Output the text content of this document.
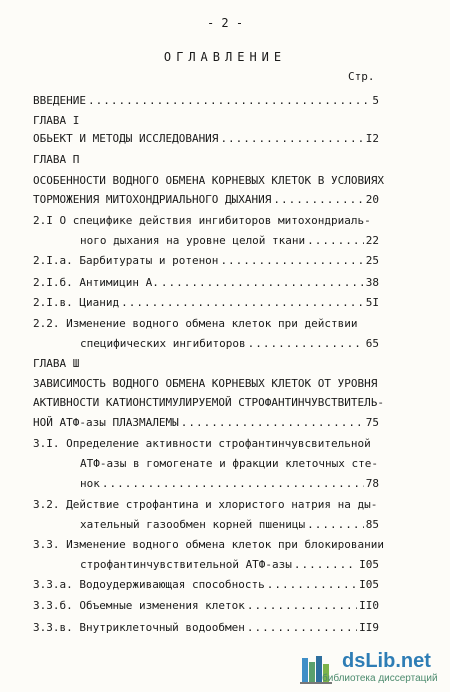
- 2 -
ОГЛАВЛЕНИЕ
Стр.
ВВЕДЕНИЕ .....	5
ГЛАВА I
ОБЬЕКТ И МЕТОДЫ ИССЛЕДОВАНИЯ .....	I2
ГЛАВА П
ОСОБЕННОСТИ ВОДНОГО ОБМЕНА КОРНЕВЫХ КЛЕТОК В УСЛОВИЯХ
ТОРМОЖЕНИЯ МИТОХОНДРИАЛЬНОГО ДЫХАНИЯ .....	20
2.I О специфике действия ингибиторов митохондриаль-
ного дыхания на уровне целой ткани .....	22
2.I.а. Барбитураты и ротенон .....	25
2.I.б. Антимицин А. .....	38
2.I.в. Цианид .....	5I
2.2. Изменение водного обмена клеток при действии
специфических ингибиторов .....	65
ГЛАВА Ш
ЗАВИСИМОСТЬ ВОДНОГО ОБМЕНА КОРНЕВЫХ КЛЕТОК ОТ УРОВНЯ
АКТИВНОСТИ КАТИОНСТИМУЛИРУЕМОЙ СТРОФАНТИНЧУВСТВИТЕЛЬ-
НОЙ АТФ-азы ПЛАЗМАЛЕМЫ .....	75
3.I. Определение активности строфантинчувсвительной
АТФ-азы в гомогенате и фракции клеточных сте-
нок .....	78
3.2. Действие строфантина и хлористого натрия на ды-
хательный газообмен корней пшеницы .....	85
3.3. Изменение водного обмена клеток при блокировании
строфантинчувствительной АТФ-азы .....	I05
3.3.а. Водоудерживающая способность .....	I05
3.3.б. Объемные изменения клеток .....	II0
3.3.в. Внутриклеточный водообмен .....	II9
dsLib.net
библиотека диссертаций
